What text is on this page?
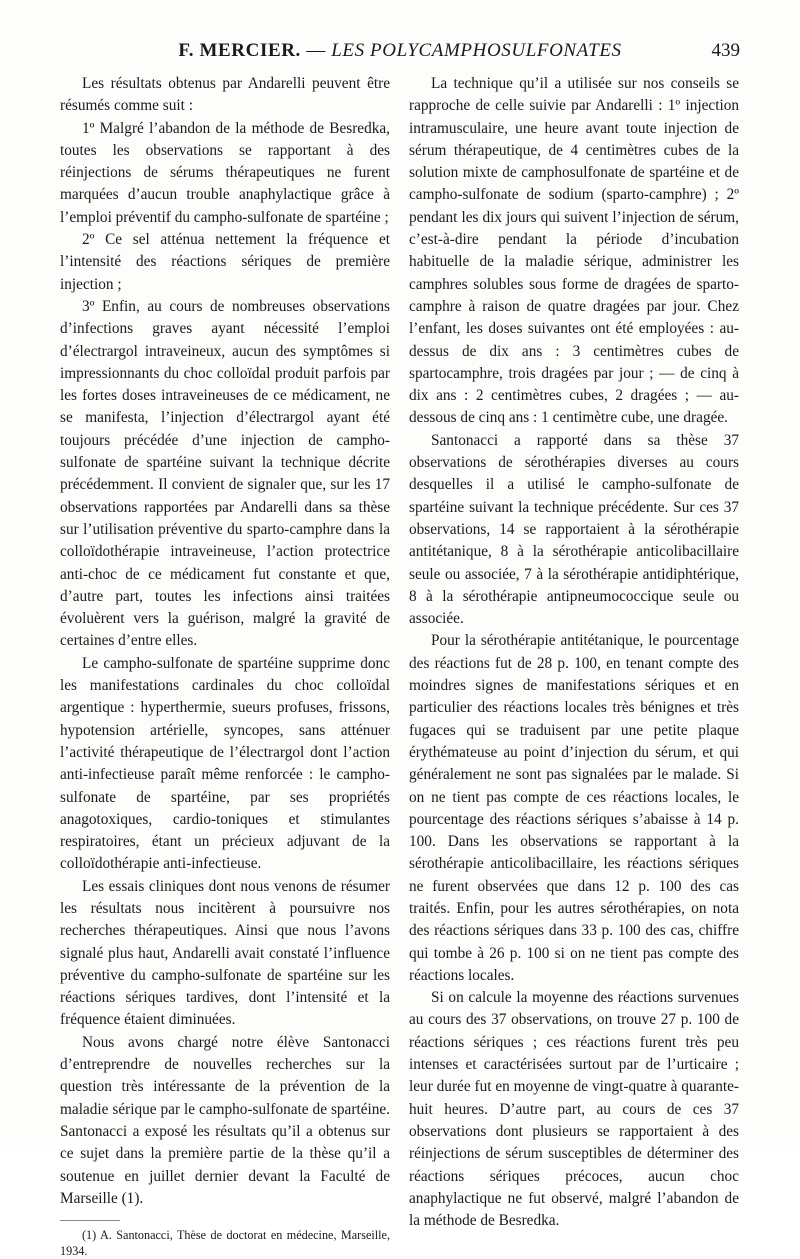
F. MERCIER. — LES POLYCAMPHOSULFONATES	439

Les résultats obtenus par Andarelli peuvent être résumés comme suit :

1º Malgré l’abandon de la méthode de Besredka, toutes les observations se rapportant à des réinjections de sérums thérapeutiques ne furent marquées d’aucun trouble anaphylactique grâce à l’emploi préventif du campho-sulfonate de spartéine ;

2º Ce sel atténua nettement la fréquence et l’intensité des réactions sériques de première injection ;

3º Enfin, au cours de nombreuses observations d’infections graves ayant nécessité l’emploi d’électrargol intraveineux, aucun des symptômes si impressionnants du choc colloïdal produit parfois par les fortes doses intraveineuses de ce médicament, ne se manifesta, l’injection d’électrargol ayant été toujours précédée d’une injection de campho-sulfonate de spartéine suivant la technique décrite précédemment. Il convient de signaler que, sur les 17 observations rapportées par Andarelli dans sa thèse sur l’utilisation préventive du sparto-camphre dans la colloïdothérapie intraveineuse, l’action protectrice anti-choc de ce médicament fut constante et que, d’autre part, toutes les infections ainsi traitées évoluèrent vers la guérison, malgré la gravité de certaines d’entre elles.

Le campho-sulfonate de spartéine supprime donc les manifestations cardinales du choc colloïdal argentique : hyperthermie, sueurs profuses, frissons, hypotension artérielle, syncopes, sans atténuer l’activité thérapeutique de l’électrargol dont l’action anti-infectieuse paraît même renforcée : le campho-sulfonate de spartéine, par ses propriétés anagotoxiques, cardio-toniques et stimulantes respiratoires, étant un précieux adjuvant de la colloïdothérapie anti-infectieuse.

Les essais cliniques dont nous venons de résumer les résultats nous incitèrent à poursuivre nos recherches thérapeutiques. Ainsi que nous l’avons signalé plus haut, Andarelli avait constaté l’influence préventive du campho-sulfonate de spartéine sur les réactions sériques tardives, dont l’intensité et la fréquence étaient diminuées.

Nous avons chargé notre élève Santonacci d’entreprendre de nouvelles recherches sur la question très intéressante de la prévention de la maladie sérique par le campho-sulfonate de spartéine. Santonacci a exposé les résultats qu’il a obtenus sur ce sujet dans la première partie de la thèse qu’il a soutenue en juillet dernier devant la Faculté de Marseille (1).

(1) A. Santonacci, Thèse de doctorat en médecine, Marseille, 1934.

La technique qu’il a utilisée sur nos conseils se rapproche de celle suivie par Andarelli : 1º injection intramusculaire, une heure avant toute injection de sérum thérapeutique, de 4 centimètres cubes de la solution mixte de camphosulfonate de spartéine et de campho-sulfonate de sodium (sparto-camphre) ; 2º pendant les dix jours qui suivent l’injection de sérum, c’est-à-dire pendant la période d’incubation habituelle de la maladie sérique, administrer les camphres solubles sous forme de dragées de sparto-camphre à raison de quatre dragées par jour. Chez l’enfant, les doses suivantes ont été employées : au-dessus de dix ans : 3 centimètres cubes de spartocamphre, trois dragées par jour ; — de cinq à dix ans : 2 centimètres cubes, 2 dragées ; — au-dessous de cinq ans : 1 centimètre cube, une dragée.

Santonacci a rapporté dans sa thèse 37 observations de sérothérapies diverses au cours desquelles il a utilisé le campho-sulfonate de spartéine suivant la technique précédente. Sur ces 37 observations, 14 se rapportaient à la sérothérapie antitétanique, 8 à la sérothérapie anticolibacillaire seule ou associée, 7 à la sérothérapie antidiphtérique, 8 à la sérothérapie antipneumococcique seule ou associée.

Pour la sérothérapie antitétanique, le pourcentage des réactions fut de 28 p. 100, en tenant compte des moindres signes de manifestations sériques et en particulier des réactions locales très bénignes et très fugaces qui se traduisent par une petite plaque érythémateuse au point d’injection du sérum, et qui généralement ne sont pas signalées par le malade. Si on ne tient pas compte de ces réactions locales, le pourcentage des réactions sériques s’abaisse à 14 p. 100. Dans les observations se rapportant à la sérothérapie anticolibacillaire, les réactions sériques ne furent observées que dans 12 p. 100 des cas traités. Enfin, pour les autres sérothérapies, on nota des réactions sériques dans 33 p. 100 des cas, chiffre qui tombe à 26 p. 100 si on ne tient pas compte des réactions locales.

Si on calcule la moyenne des réactions survenues au cours des 37 observations, on trouve 27 p. 100 de réactions sériques ; ces réactions furent très peu intenses et caractérisées surtout par de l’urticaire ; leur durée fut en moyenne de vingt-quatre à quarante-huit heures. D’autre part, au cours de ces 37 observations dont plusieurs se rapportaient à des réinjections de sérum susceptibles de déterminer des réactions sériques précoces, aucun choc anaphylactique ne fut observé, malgré l’abandon de la méthode de Besredka.
